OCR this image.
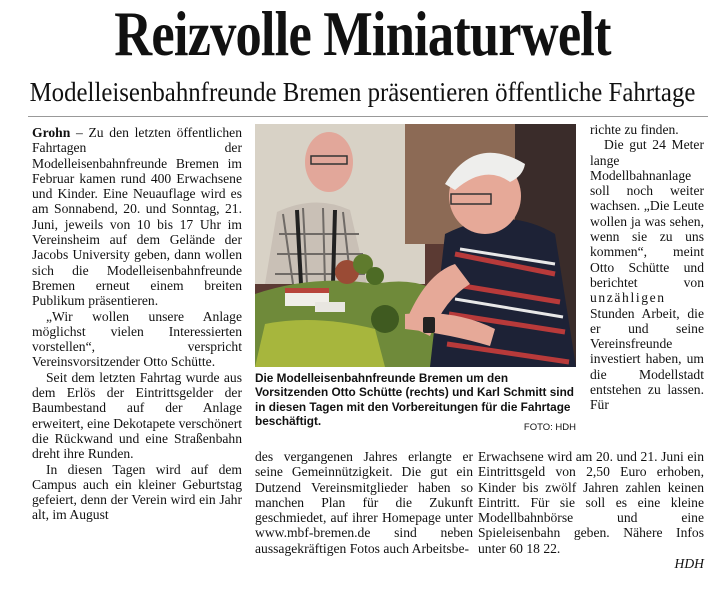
Reizvolle Miniaturwelt
Modelleisenbahnfreunde Bremen präsentieren öffentliche Fahrtage

Grohn – Zu den letzten öffentlichen Fahrtagen der Modelleisenbahnfreunde Bremen im Februar kamen rund 400 Erwachsene und Kinder. Eine Neuauflage wird es am Sonnabend, 20. und Sonntag, 21. Juni, jeweils von 10 bis 17 Uhr im Vereinsheim auf dem Gelände der Jacobs University geben, dann wollen sich die Modelleisenbahnfreunde Bremen erneut einem breiten Publikum präsentieren.

„Wir wollen unsere Anlage möglichst vielen Interessierten vorstellen“, verspricht Vereinsvorsitzender Otto Schütte.

Seit dem letzten Fahrtag wurde aus dem Erlös der Eintrittsgelder der Baumbestand auf der Anlage erweitert, eine Dekotapete verschönert die Rückwand und eine Straßenbahn dreht ihre Runden.

In diesen Tagen wird auf dem Campus auch ein kleiner Geburtstag gefeiert, denn der Verein wird ein Jahr alt, im August

Die Modelleisenbahnfreunde Bremen um den Vorsitzenden Otto Schütte (rechts) und Karl Schmitt sind in diesen Tagen mit den Vorbereitungen für die Fahrtage beschäftigt.	FOTO: HDH

des vergangenen Jahres erlangte er seine Gemeinnützigkeit. Die gut ein Dutzend Vereinsmitglieder haben so manchen Plan für die Zukunft geschmiedet, auf ihrer Homepage unter www.mbf-bremen.de sind neben aussagekräftigen Fotos auch Arbeitsbe-

richte zu finden.

Die gut 24 Meter lange Modellbahnanlage soll noch weiter wachsen. „Die Leute wollen ja was sehen, wenn sie zu uns kommen“, meint Otto Schütte und berichtet von unzähligen Stunden Arbeit, die er und seine Vereinsfreunde investiert haben, um die Modellstadt entstehen zu lassen. Für

Erwachsene wird am 20. und 21. Juni ein Eintrittsgeld von 2,50 Euro erhoben, Kinder bis zwölf Jahren zahlen keinen Eintritt. Für sie soll es eine kleine Modellbahnbörse und eine Spieleisenbahn geben. Nähere Infos unter 60 18 22.

HDH
